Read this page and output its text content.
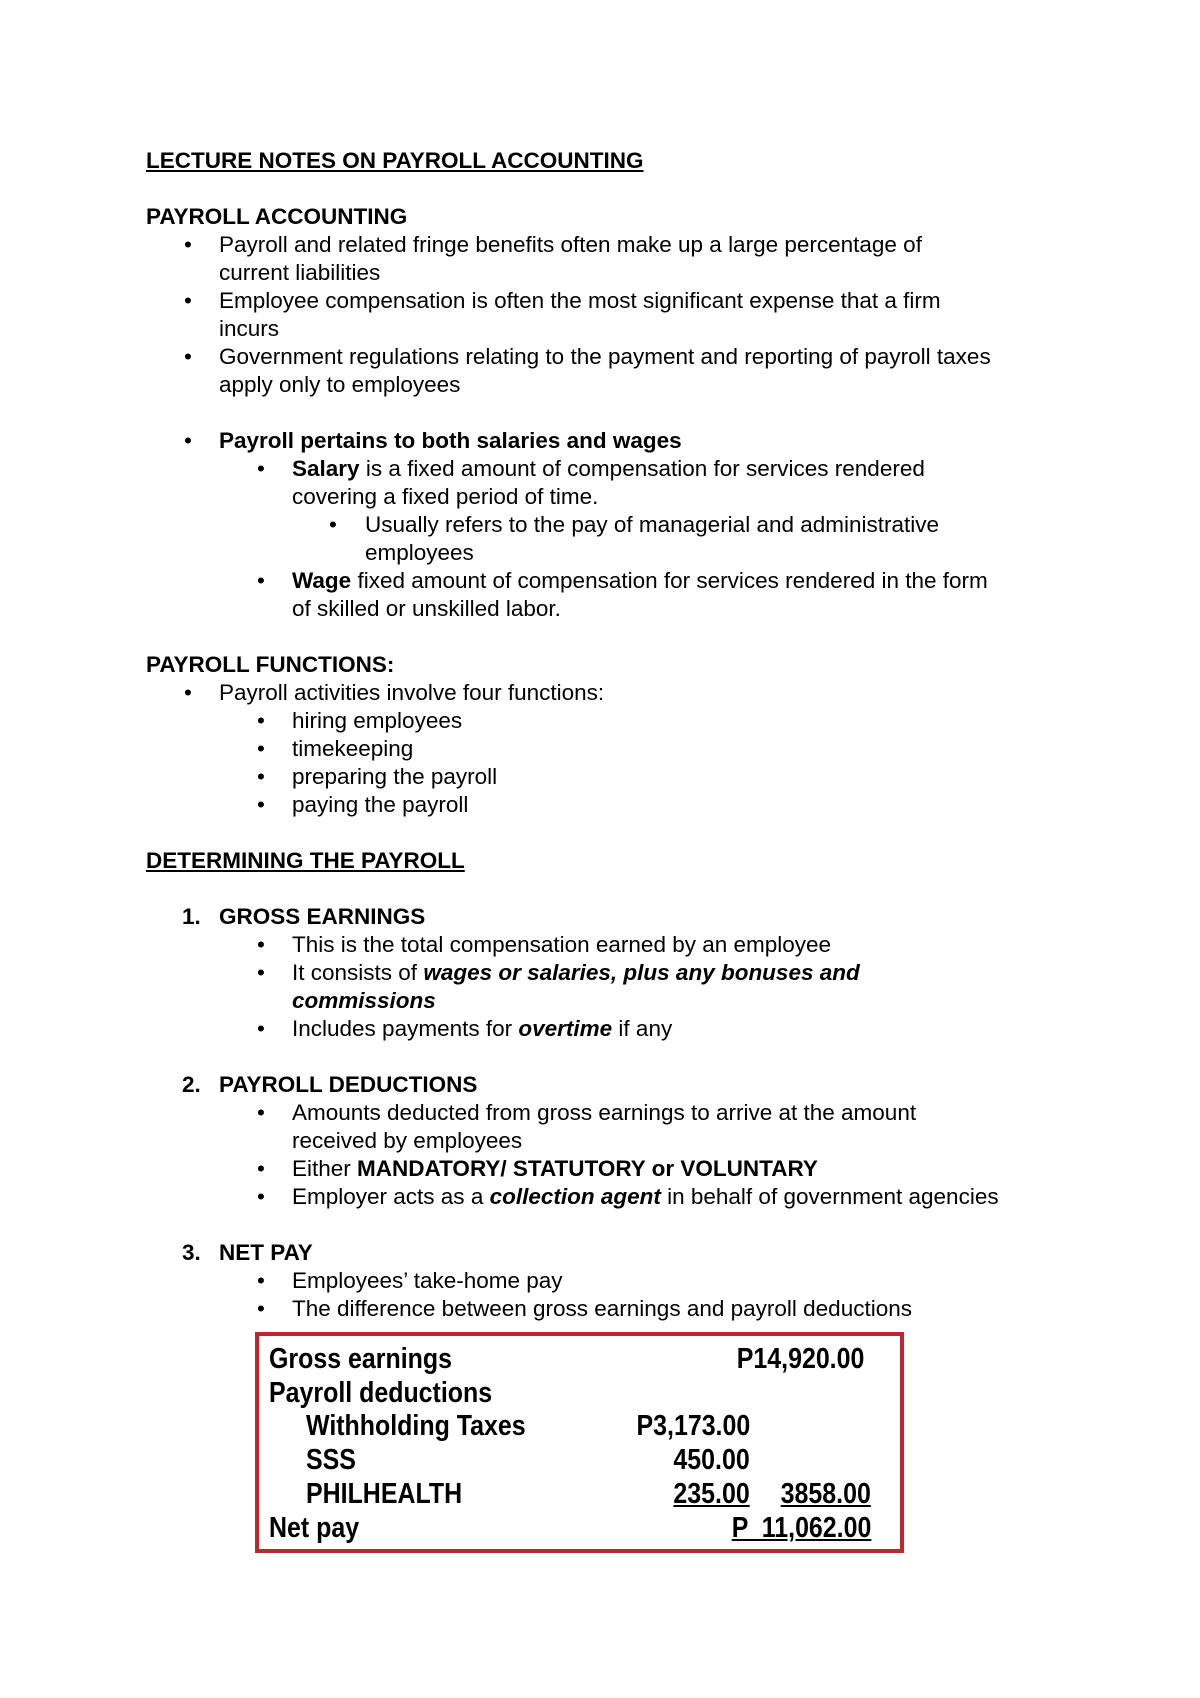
LECTURE NOTES ON PAYROLL ACCOUNTING
PAYROLL ACCOUNTING
• Payroll and related fringe benefits often make up a large percentage of
current liabilities
• Employee compensation is often the most significant expense that a firm
incurs
• Government regulations relating to the payment and reporting of payroll taxes
apply only to employees
• Payroll pertains to both salaries and wages
• Salary is a fixed amount of compensation for services rendered
covering a fixed period of time.
• Usually refers to the pay of managerial and administrative
employees
• Wage fixed amount of compensation for services rendered in the form
of skilled or unskilled labor.
PAYROLL FUNCTIONS:
• Payroll activities involve four functions:
• hiring employees
• timekeeping
• preparing the payroll
• paying the payroll
DETERMINING THE PAYROLL
1. GROSS EARNINGS
• This is the total compensation earned by an employee
• It consists of wages or salaries, plus any bonuses and
commissions
• Includes payments for overtime if any
2. PAYROLL DEDUCTIONS
• Amounts deducted from gross earnings to arrive at the amount
received by employees
• Either MANDATORY/ STATUTORY or VOLUNTARY
• Employer acts as a collection agent in behalf of government agencies
3. NET PAY
• Employees’ take-home pay
• The difference between gross earnings and payroll deductions
Gross earnings	P14,920.00
Payroll deductions
Withholding Taxes	P3,173.00
SSS	450.00
PHILHEALTH	235.00 3858.00
Net pay	P  11,062.00
